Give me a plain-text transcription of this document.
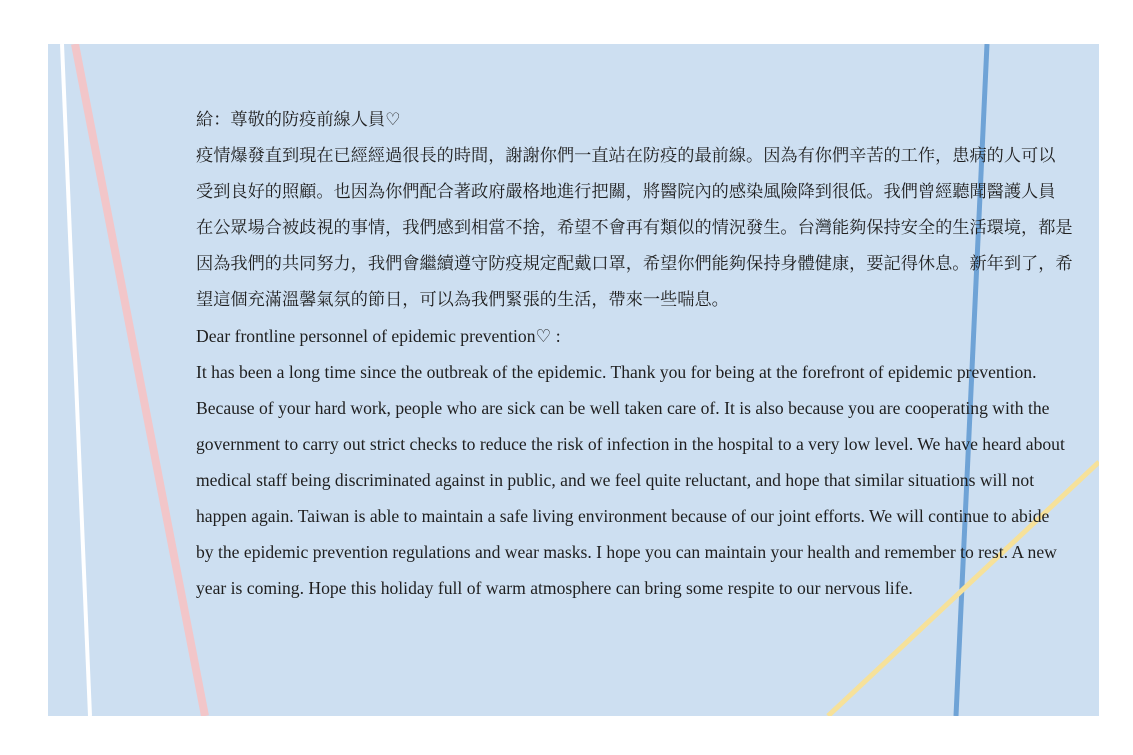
給：尊敬的防疫前線人員♡
疫情爆發直到現在已經經過很長的時間，謝謝你們一直站在防疫的最前線。因為有你們辛苦的工作，患病的人可以
受到良好的照顧。也因為你們配合著政府嚴格地進行把關，將醫院內的感染風險降到很低。我們曾經聽聞醫護人員
在公眾場合被歧視的事情，我們感到相當不捨，希望不會再有類似的情況發生。台灣能夠保持安全的生活環境，都是
因為我們的共同努力，我們會繼續遵守防疫規定配戴口罩，希望你們能夠保持身體健康，要記得休息。新年到了，希
望這個充滿溫馨氣氛的節日，可以為我們緊張的生活，帶來一些喘息。
Dear frontline personnel of epidemic prevention♡ :
It has been a long time since the outbreak of the epidemic. Thank you for being at the forefront of epidemic prevention.
Because of your hard work, people who are sick can be well taken care of. It is also because you are cooperating with the
government to carry out strict checks to reduce the risk of infection in the hospital to a very low level. We have heard about
medical staff being discriminated against in public, and we feel quite reluctant, and hope that similar situations will not
happen again. Taiwan is able to maintain a safe living environment because of our joint efforts. We will continue to abide
by the epidemic prevention regulations and wear masks. I hope you can maintain your health and remember to rest. A new
year is coming. Hope this holiday full of warm atmosphere can bring some respite to our nervous life.
